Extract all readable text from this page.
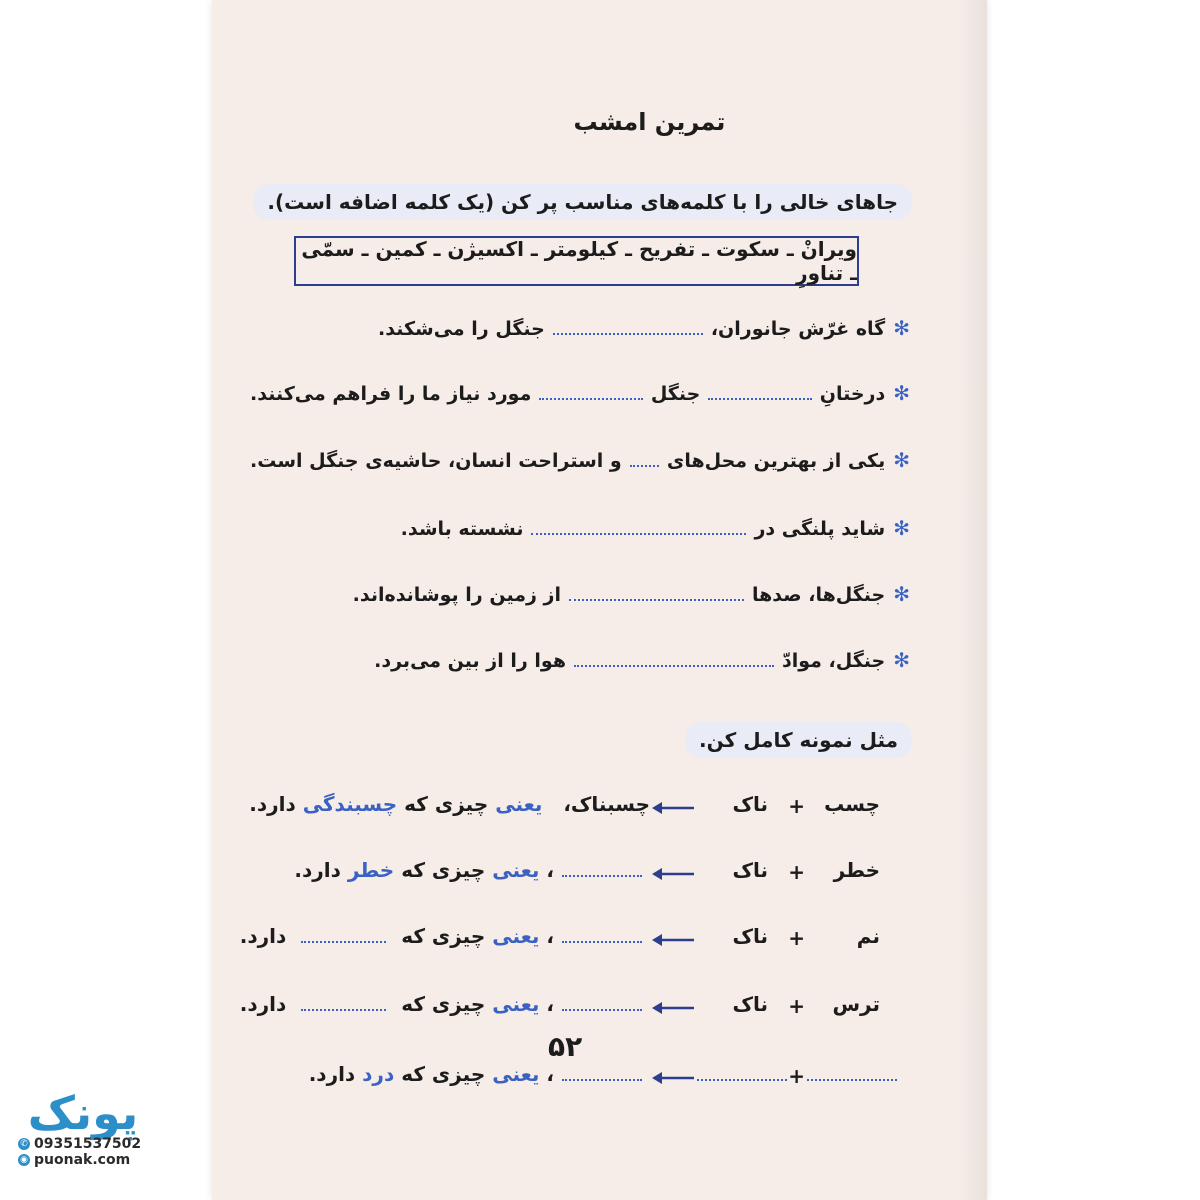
تمرین امشب
جاهای خالی را با کلمه‌های مناسب پر کن (یک کلمه اضافه است).
ویرانْ ـ سکوت ـ تفریح ـ کیلومتر ـ اکسیژن ـ کمین ـ سمّی ـ تناورِ
✻
گاه غرّش جانوران،
جنگل را می‌شکند.
✻
درختانِ
جنگل
مورد نیاز ما را فراهم می‌کنند.
✻
یکی از بهترین محل‌های
و استراحت انسان، حاشیه‌ی جنگل است.
✻
شاید پلنگی در
نشسته باشد.
✻
جنگل‌ها، صدها
از زمین را پوشانده‌اند.
✻
جنگل، موادّ
هوا را از بین می‌برد.
مثل نمونه کامل کن.
چسب
+
ناک
چسبناک،   یعنی چیزی که چسبندگی دارد.
خطر
+
ناک
، یعنی چیزی که خطر دارد.
نم
+
ناک
، یعنی چیزی که  دارد.
ترس
+
ناک
، یعنی چیزی که  دارد.
+
، یعنی چیزی که درد دارد.
۵۲
پونک
✆ 09351537502
◉ puonak.com
